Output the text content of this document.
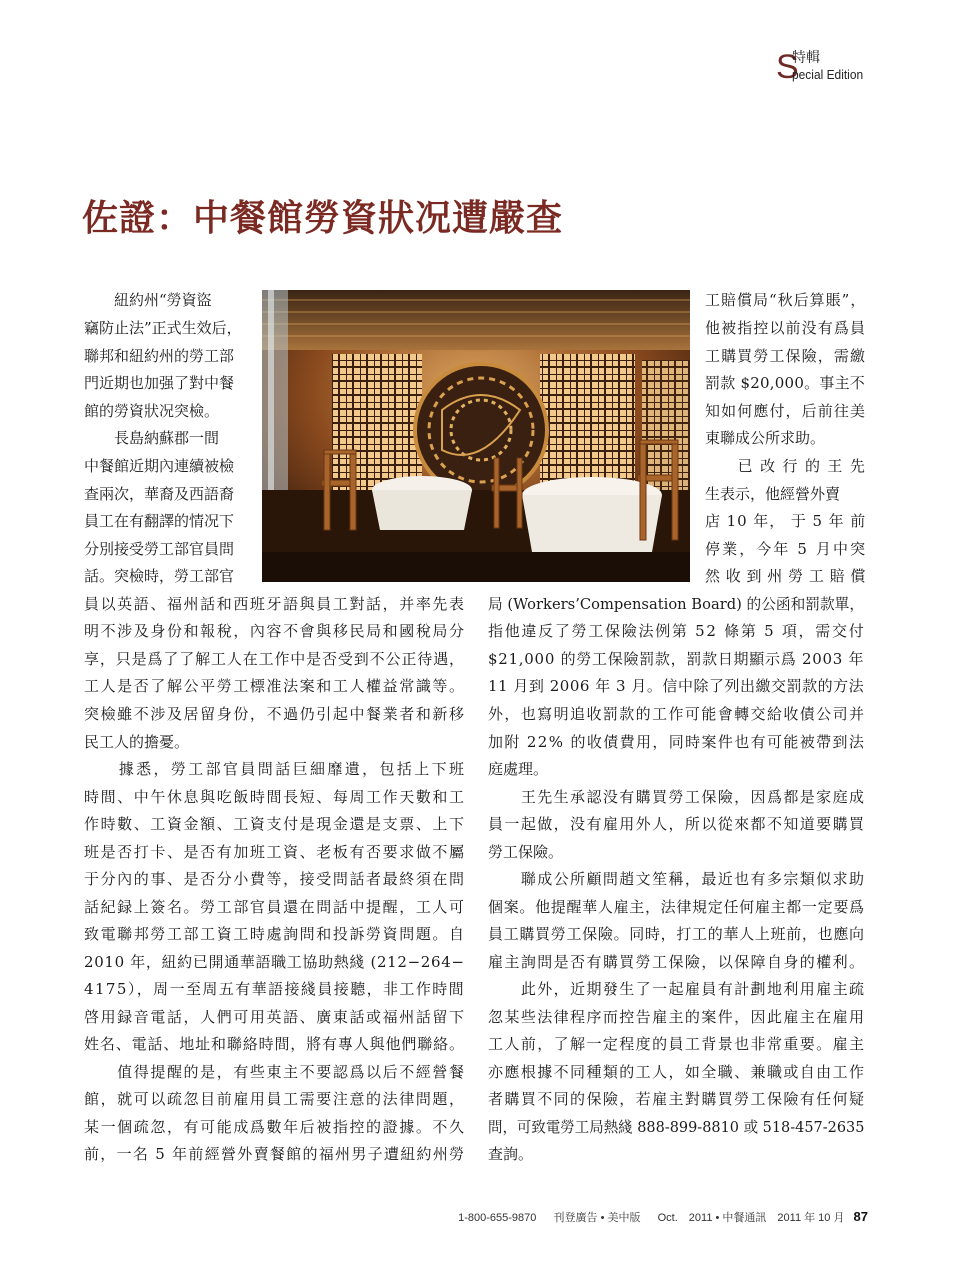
S
特輯
pecial Edition
佐證：中餐館勞資狀况遭嚴查
　　紐約州“勞資盜
竊防止法”正式生效后，
聯邦和紐約州的勞工部
門近期也加强了對中餐
館的勞資狀况突檢。
　　長島納蘇郡一間
中餐館近期內連續被檢
查兩次，華裔及西語裔
員工在有翻譯的情况下
分別接受勞工部官員問
話。突檢時，勞工部官
員以英語、福州話和西班牙語與員工對話，并率先表
明不涉及身份和報稅，內容不會與移民局和國稅局分
享，只是爲了了解工人在工作中是否受到不公正待遇，
工人是否了解公平勞工標准法案和工人權益常識等。
突檢雖不涉及居留身份，不過仍引起中餐業者和新移
民工人的擔憂。
　　據悉，勞工部官員問話巨細靡遺，包括上下班
時間、中午休息與吃飯時間長短、每周工作天數和工
作時數、工資金額、工資支付是現金還是支票、上下
班是否打卡、是否有加班工資、老板有否要求做不屬
于分內的事、是否分小費等，接受問話者最終須在問
話紀録上簽名。勞工部官員還在問話中提醒，工人可
致電聯邦勞工部工資工時處詢問和投訴勞資問題。自
2010 年，紐約已開通華語職工協助熱綫 (212−264−
4175），周一至周五有華語接綫員接聽，非工作時間
啓用録音電話，人們可用英語、廣東話或福州話留下
姓名、電話、地址和聯絡時間，將有專人與他們聯絡。
　　值得提醒的是，有些東主不要認爲以后不經營餐
館，就可以疏忽目前雇用員工需要注意的法律問題，
某一個疏忽，有可能成爲數年后被指控的證據。不久
前，一名 5 年前經營外賣餐館的福州男子遭紐約州勞
工賠償局“秋后算賬”，
他被指控以前没有爲員
工購買勞工保險，需繳
罰款 $20,000。事主不
知如何應付，后前往美
東聯成公所求助。
　　已 改 行 的 王 先
生表示，他經營外賣
店 10 年， 于 5 年 前
停業，今年 5 月中突
然 收 到 州 勞 工 賠 償
局 (Workers’Compensation Board) 的公函和罰款單，
指他違反了勞工保險法例第 52 條第 5 項，需交付
$21,000 的勞工保險罰款，罰款日期顯示爲 2003 年
11 月到 2006 年 3 月。信中除了列出繳交罰款的方法
外，也寫明追收罰款的工作可能會轉交給收債公司并
加附 22% 的收債費用，同時案件也有可能被帶到法
庭處理。
　　王先生承認没有購買勞工保險，因爲都是家庭成
員一起做，没有雇用外人，所以從來都不知道要購買
勞工保險。
　　聯成公所顧問趙文笙稱，最近也有多宗類似求助
個案。他提醒華人雇主，法律規定任何雇主都一定要爲
員工購買勞工保險。同時，打工的華人上班前，也應向
雇主詢問是否有購買勞工保險，以保障自身的權利。
　　此外，近期發生了一起雇員有計劃地利用雇主疏
忽某些法律程序而控告雇主的案件，因此雇主在雇用
工人前，了解一定程度的員工背景也非常重要。雇主
亦應根據不同種類的工人，如全職、兼職或自由工作
者購買不同的保險，若雇主對購買勞工保險有任何疑
問，可致電勞工局熱綫 888-899-8810 或 518-457-2635
查詢。
1-800-655-9870 　 刊登廣告 • 美中版 　 Oct.　2011 • 中餐通訊　2011 年 10 月 87
